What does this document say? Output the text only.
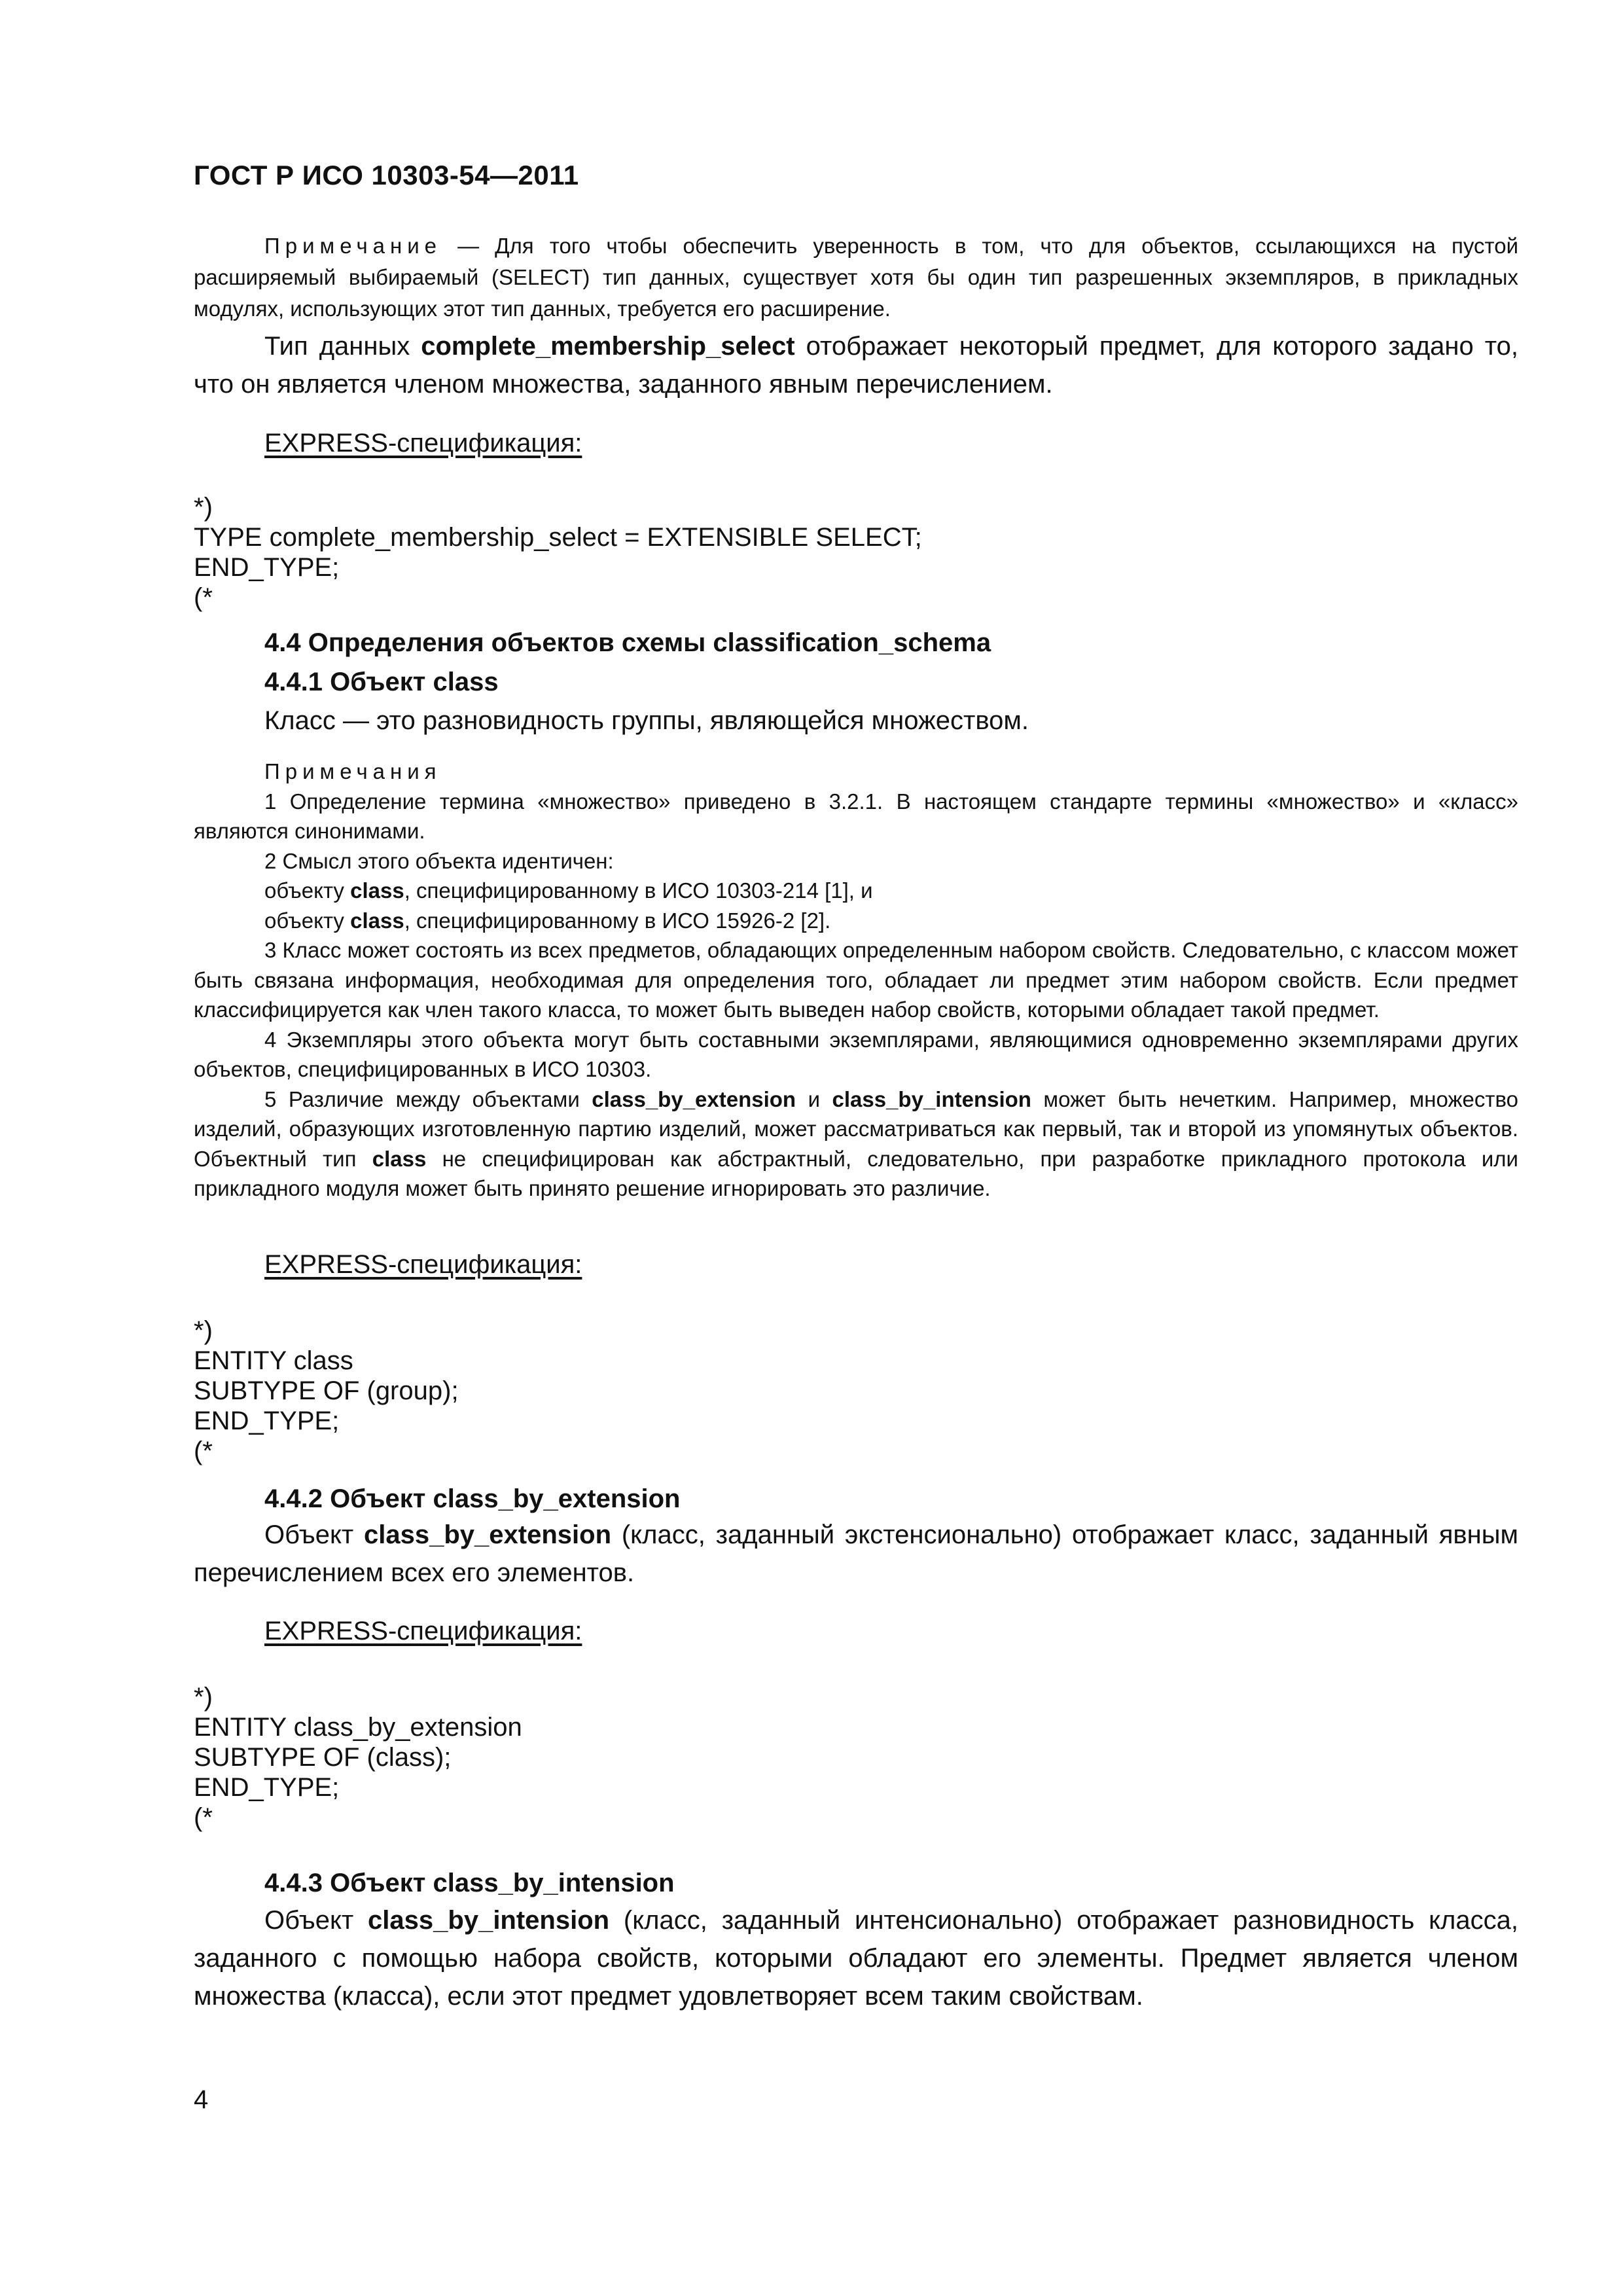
ГОСТ Р ИСО 10303-54—2011
Примечание — Для того чтобы обеспечить уверенность в том, что для объектов, ссылающихся на пустой расширяемый выбираемый (SELECT) тип данных, существует хотя бы один тип разрешенных экземпляров, в прикладных модулях, использующих этот тип данных, требуется его расширение.
Тип данных complete_membership_select отображает некоторый предмет, для которого задано то, что он является членом множества, заданного явным перечислением.
EXPRESS-спецификация:
*)
TYPE complete_membership_select = EXTENSIBLE SELECT;
END_TYPE;
(*
4.4 Определения объектов схемы classification_schema
4.4.1 Объект class
Класс — это разновидность группы, являющейся множеством.
Примечания
1 Определение термина «множество» приведено в 3.2.1. В настоящем стандарте термины «множество» и «класс» являются синонимами.
2 Смысл этого объекта идентичен:
объекту class, специфицированному в ИСО 10303-214 [1], и
объекту class, специфицированному в ИСО 15926-2 [2].
3 Класс может состоять из всех предметов, обладающих определенным набором свойств. Следовательно, с классом может быть связана информация, необходимая для определения того, обладает ли предмет этим набором свойств. Если предмет классифицируется как член такого класса, то может быть выведен набор свойств, которыми обладает такой предмет.
4 Экземпляры этого объекта могут быть составными экземплярами, являющимися одновременно экземплярами других объектов, специфицированных в ИСО 10303.
5 Различие между объектами class_by_extension и class_by_intension может быть нечетким. Например, множество изделий, образующих изготовленную партию изделий, может рассматриваться как первый, так и второй из упомянутых объектов. Объектный тип class не специфицирован как абстрактный, следовательно, при разработке прикладного протокола или прикладного модуля может быть принято решение игнорировать это различие.
EXPRESS-спецификация:
*)
ENTITY class
SUBTYPE OF (group);
END_TYPE;
(*
4.4.2 Объект class_by_extension
Объект class_by_extension (класс, заданный экстенсионально) отображает класс, заданный явным перечислением всех его элементов.
EXPRESS-спецификация:
*)
ENTITY class_by_extension
SUBTYPE OF (class);
END_TYPE;
(*
4.4.3 Объект class_by_intension
Объект class_by_intension (класс, заданный интенсионально) отображает разновидность класса, заданного с помощью набора свойств, которыми обладают его элементы. Предмет является членом множества (класса), если этот предмет удовлетворяет всем таким свойствам.
4
